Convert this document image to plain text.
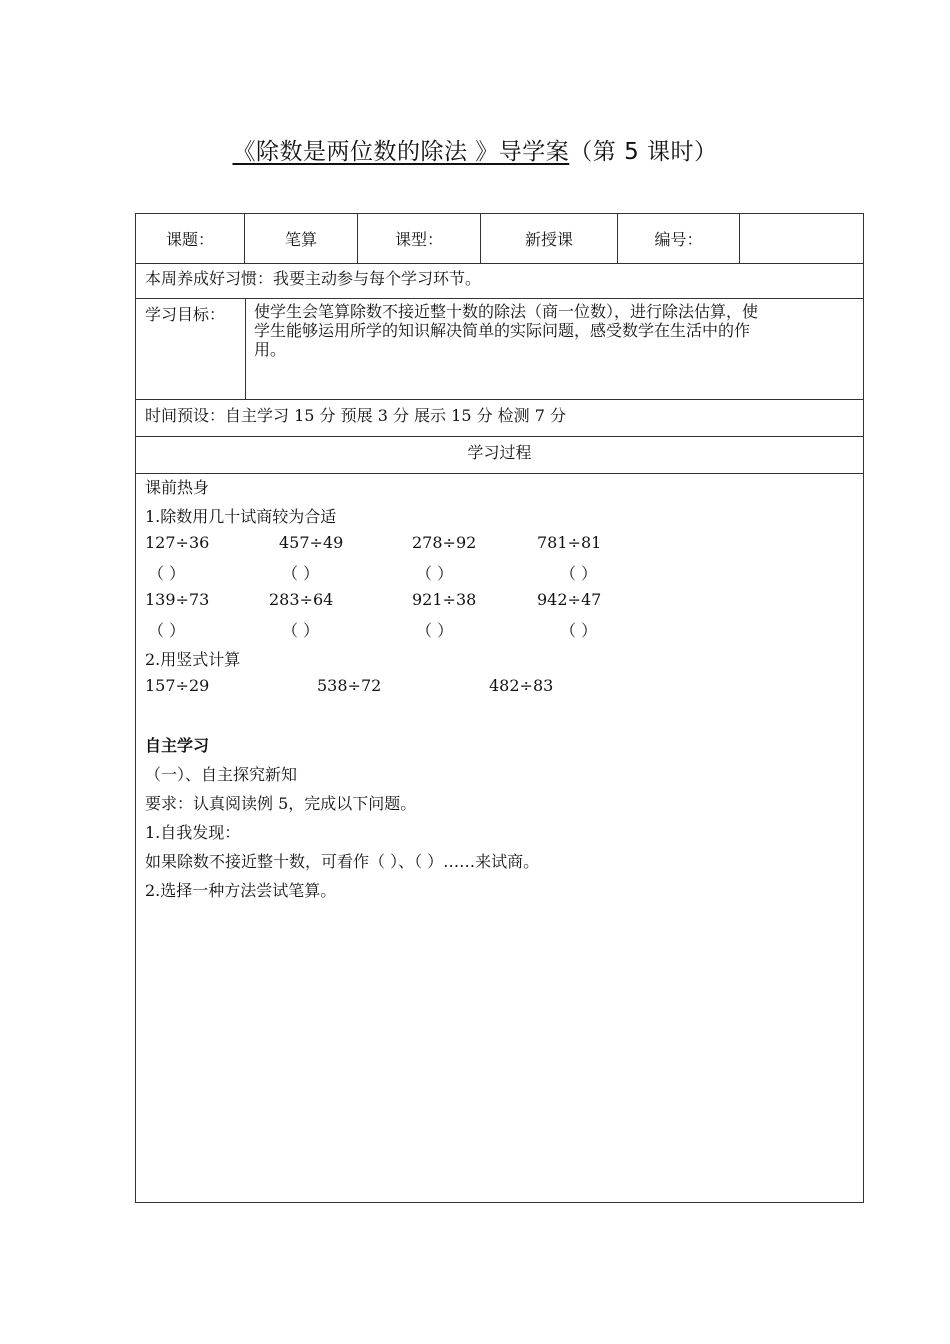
《除数是两位数的除法 》导学案（第 5 课时）
课题：	笔算	课型：	新授课	编号：
本周养成好习惯：我要主动参与每个学习环节。
学习目标： 使学生会笔算除数不接近整十数的除法（商一位数），进行除法估算，使
学生能够运用所学的知识解决简单的实际问题，感受数学在生活中的作
用。
时间预设：自主学习 15 分 预展 3 分 展示 15 分 检测 7 分
学习过程
课前热身
1.除数用几十试商较为合适
127÷36	457÷49	278÷92	781÷81
（ ）	（ ）	（ ）	（ ）
139÷73	283÷64	921÷38	942÷47
（ ）	（ ）	（ ）	（ ）
2.用竖式计算
157÷29	538÷72	482÷83
自主学习
（一）、自主探究新知
要求：认真阅读例 5，完成以下问题。
1.自我发现：
如果除数不接近整十数，可看作（ ）、（ ）……来试商。
2.选择一种方法尝试笔算。
